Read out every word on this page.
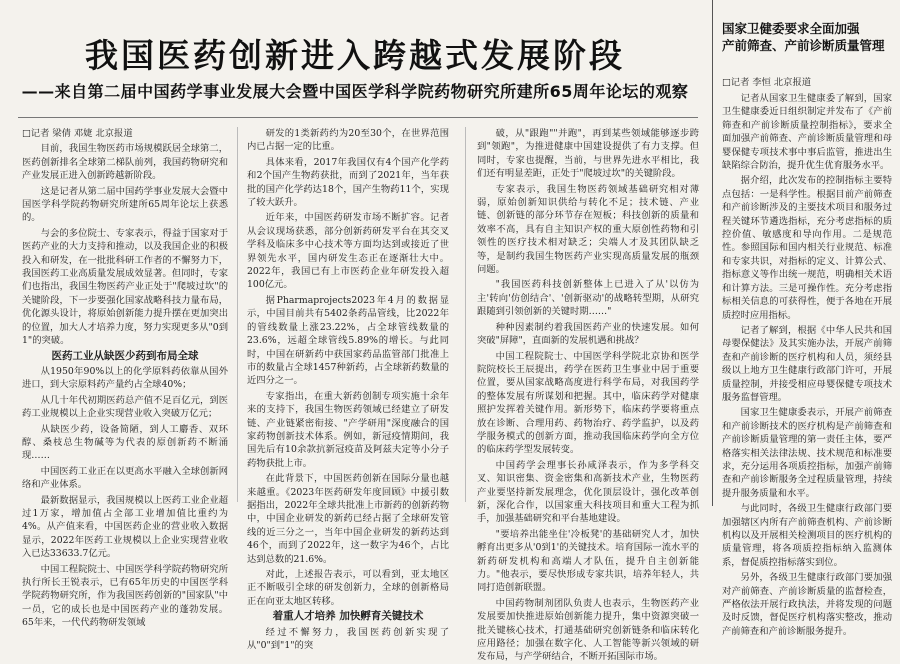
我国医药创新进入跨越式发展阶段
——来自第二届中国药学事业发展大会暨中国医学科学院药物研究所建所65周年论坛的观察

□记者 梁倩 邓婕 北京报道

目前，我国生物医药市场规模跃居全球第二，医药创新排名全球第二梯队前列，我国药物研究和产业发展正进入创新跨越新阶段。

这是记者从第二届中国药学事业发展大会暨中国医学科学院药物研究所建所65周年论坛上获悉的。

与会的多位院士、专家表示，得益于国家对于医药产业的大力支持和推动，以及我国企业的积极投入和研发，在一批批科研工作者的不懈努力下，我国医药工业高质量发展成效显著。但同时，专家们也指出，我国生物医药产业正处于"爬坡过坎"的关键阶段，下一步要强化国家战略科技力量布局，优化源头设计，将原始创新能力提升摆在更加突出的位置，加大人才培养力度，努力实现更多从"0到1"的突破。

医药工业从缺医少药到布局全球

从1950年90%以上的化学原料药依靠从国外进口，到大宗原料药产量约占全球40%；

从几十年代初期医药总产值不足百亿元，到医药工业规模以上企业实现营业收入突破万亿元；

从缺医少药，设备简陋，到人工麝香、双环醇、桑枝总生物碱等为代表的原创新药不断涌现……

中国医药工业正在以更高水平融入全球创新网络和产业体系。

最新数据显示，我国规模以上医药工业企业超过1万家，增加值占全部工业增加值比重约为4%。从产值来看，中国医药企业的营业收入数据显示，2022年医药工业规模以上企业实现营业收入已达33633.7亿元。

中国工程院院士、中国医学科学院药物研究所执行所长王锐表示，已有65年历史的中国医学科学院药物研究所，作为我国医药创新的"国家队"中一员，它的成长也是中国医药产业的蓬勃发展。65年来，一代代药物研发领域

研发的1类新药约为20至30个，在世界范围内已占据一定的比重。

具体来看，2017年我国仅有4个国产化学药和2个国产生物药获批，而到了2021年，当年获批的国产化学药达18个，国产生物药11个，实现了较大跃升。

近年来，中国医药研发市场不断扩容。记者从会议现场获悉，部分创新药研发平台在其交叉学科及临床多中心技术等方面均达到或接近了世界领先水平，国内研发生态正在逐渐壮大中。2022年，我国已有上市医药企业年研发投入超100亿元。

据Pharmaprojects2023年4月的数据显示，中国目前共有5402条药品管线，比2022年的管线数量上涨23.22%，占全球管线数量的23.6%，远超全球管线5.89%的增长。与此同时，中国在研新药中获国家药品监管部门批准上市的数量占全球1457种新药，占全球新药数量的近四分之一。

专家指出，在重大新药创制专项实施十余年来的支持下，我国生物医药领域已经建立了研发链、产业链紧密衔接、"产学研用"深度融合的国家药物创新技术体系。例如，新冠疫情期间，我国先后有10余款抗新冠疫苗及阿兹夫定等小分子药物获批上市。

在此背景下，中国医药创新在国际分量也越来越重。《2023年医药研发年度回顾》中援引数据指出，2022年全球共批准上市新药的创新药物中，中国企业研发的新药已经占据了全球研发管线的近三分之一，当年中国企业研发的新药达到46个，而到了2022年，这一数字为46个，占比达到总数的21.6%。

对此，上述报告表示，可以看到，亚太地区正不断吸引全球的研发创新力，全球的创新格局正在向亚太地区转移。

着重人才培养 加快孵育关键技术

经过不懈努力，我国医药创新实现了从"0"到"1"的突

破，从"跟跑""并跑"，再到某些领域能够逐步跨到"领跑"，为推进健康中国建设提供了有力支撑。但同时，专家也提醒，当前，与世界先进水平相比，我们还有明显差距，正处于"爬坡过坎"的关键阶段。

专家表示，我国生物医药领域基础研究相对薄弱，原始创新知识供给与转化不足；技术链、产业链、创新链的部分环节存在短板；科技创新的质量和效率不高，具有自主知识产权的重大原创性药物和引领性的医疗技术相对缺乏；尖端人才及其团队缺乏等，是制约我国生物医药产业实现高质量发展的瓶颈问题。

"我国医药科技创新整体上已进入了从'以仿为主'转向'仿创结合'、'创新驱动'的战略转型期，从研究跟随到引领创新的关键时期……"

种种因素制约着我国医药产业的快速发展。如何突破"屏障"，直面新的发展机遇和挑战？

中国工程院院士、中国医学科学院北京协和医学院院校长王辰提出，药学在医药卫生事业中居于重要位置，要从国家战略高度进行科学布局，对我国药学的整体发展有所谋划和把握。其中，临床药学对健康照护发挥着关键作用。新形势下，临床药学要将重点放在诊断、合理用药、药物治疗、药学监护，以及药学服务模式的创新方面，推动我国临床药学向全方位的临床药学型发展转变。

中国药学会理事长孙咸泽表示，作为多学科交叉、知识密集、资金密集和高新技术产业，生物医药产业要坚持新发展理念，优化顶层设计，强化改革创新，深化合作，以国家重大科技项目和重大工程为抓手，加强基础研究和平台基地建设。

"要培养出能坐住'冷板凳'的基础研究人才，加快孵育出更多从'0到1'的关键技术。培育国际一流水平的新药研发机构和高端人才队伍，提升自主创新能力。"他表示，要尽快形成专家共识，培养年轻人，共同打造创新联盟。

中国药物制剂团队负责人也表示，生物医药产业发展要加快推进原始创新能力提升，集中资源突破一批关键核心技术，打通基础研究创新链条和临床转化应用路径；加强在数字化、人工智能等新兴领域的研发布局，与产学研结合，不断开拓国际市场。

国家卫健委要求全面加强
产前筛查、产前诊断质量管理
□记者 李恒 北京报道

记者从国家卫生健康委了解到，国家卫生健康委近日组织制定并发布了《产前筛查和产前诊断质量控制指标》，要求全面加强产前筛查、产前诊断质量管理和母婴保健专项技术事中事后监管，推进出生缺陷综合防治，提升优生优育服务水平。

据介绍，此次发布的控制指标主要特点包括：一是科学性。根据目前产前筛查和产前诊断涉及的主要技术项目和服务过程关键环节遴选指标，充分考虑指标的质控价值、敏感度和导向作用。二是规范性。参照国际和国内相关行业规范、标准和专家共识，对指标的定义、计算公式、指标意义等作出统一规范，明确相关术语和计算方法。三是可操作性。充分考虑指标相关信息的可获得性，便于各地在开展质控时应用指标。

记者了解到，根据《中华人民共和国母婴保健法》及其实施办法，开展产前筛查和产前诊断的医疗机构和人员，须经县级以上地方卫生健康行政部门许可，开展质量控制，并接受相应母婴保健专项技术服务监督管理。

国家卫生健康委表示，开展产前筛查和产前诊断技术的医疗机构是产前筛查和产前诊断质量管理的第一责任主体，要严格落实相关法律法规、技术规范和标准要求，充分运用各项质控指标，加强产前筛查和产前诊断服务全过程质量管理，持续提升服务质量和水平。

与此同时，各级卫生健康行政部门要加强辖区内所有产前筛查机构、产前诊断机构以及开展相关检测项目的医疗机构的质量管理，将各项质控指标纳入监测体系，督促质控指标落实到位。

另外，各级卫生健康行政部门要加强对产前筛查、产前诊断质量的监督检查，严格依法开展行政执法，并将发现的问题及时反馈，督促医疗机构落实整改，推动产前筛查和产前诊断服务提升。
